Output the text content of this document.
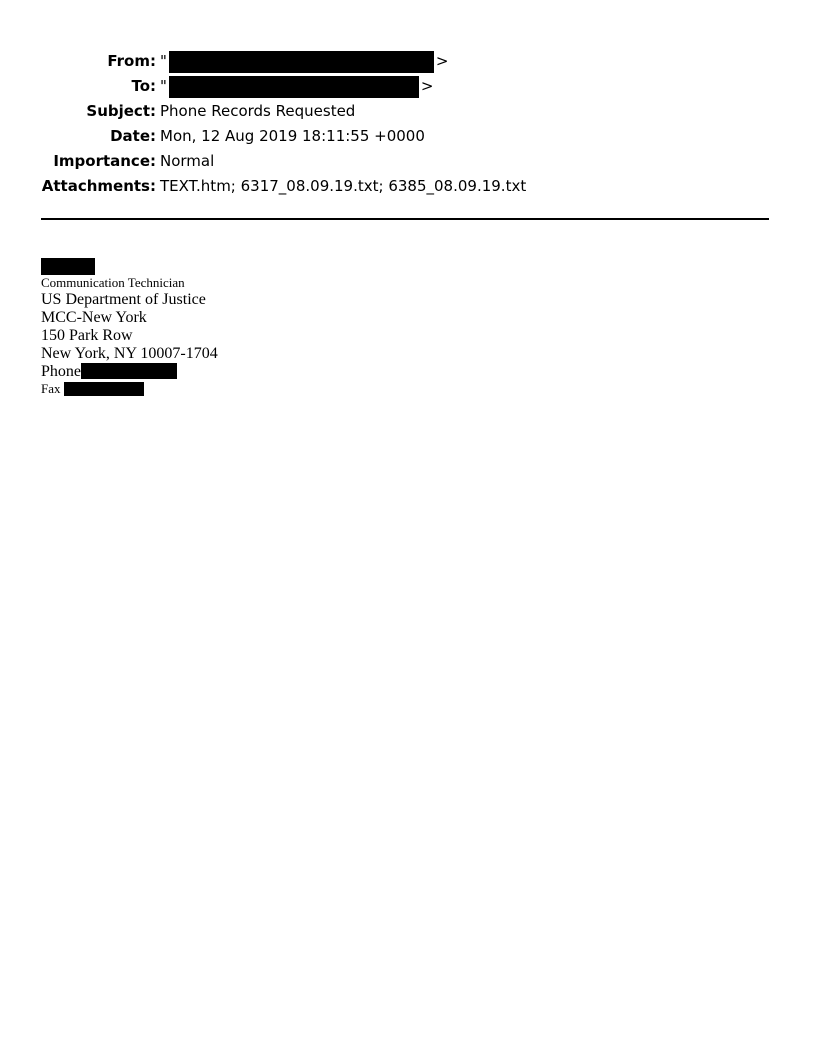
From: "	>
To: "	>
Subject: Phone Records Requested
Date: Mon, 12 Aug 2019 18:11:55 +0000
Importance: Normal
Attachments: TEXT.htm; 6317_08.09.19.txt; 6385_08.09.19.txt
Communication Technician
US Department of Justice
MCC-New York
150 Park Row
New York, NY 10007-1704
Phone
Fax
